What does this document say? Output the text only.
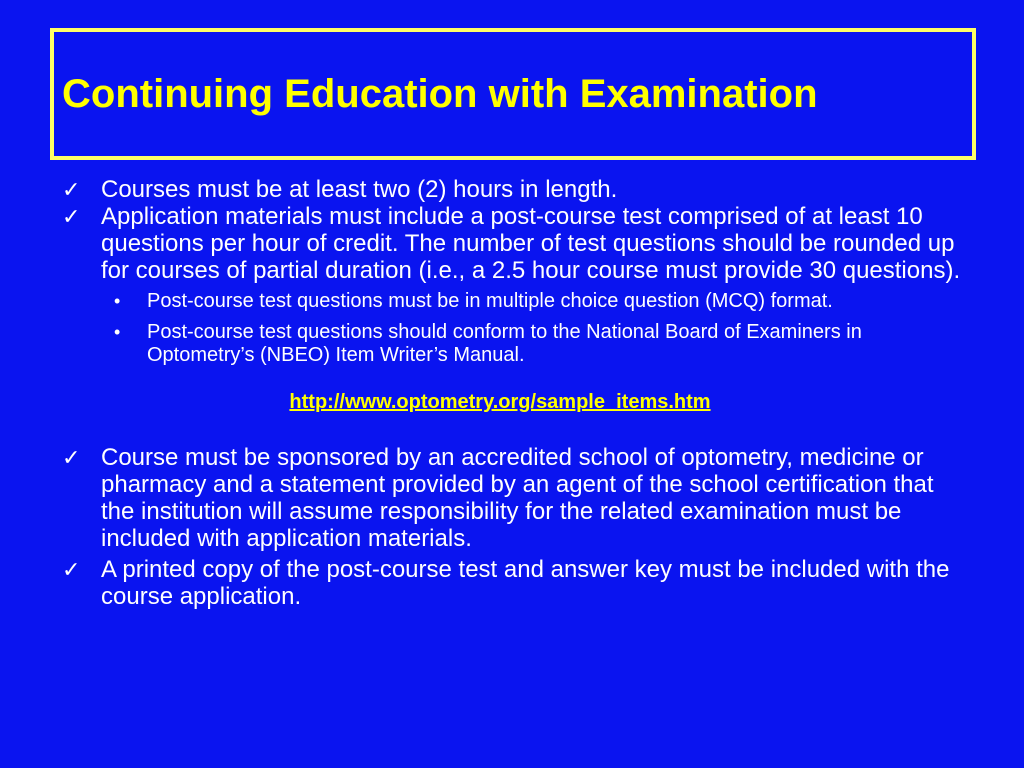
Continuing Education with Examination
✓ Courses must be at least two (2) hours in length.
✓ Application materials must include a post-course test comprised of at least 10 questions per hour of credit. The number of test questions should be rounded up for courses of partial duration (i.e., a 2.5 hour course must provide 30 questions).
• Post-course test questions must be in multiple choice question (MCQ) format.
• Post-course test questions should conform to the National Board of Examiners in Optometry’s (NBEO) Item Writer’s Manual.
http://www.optometry.org/sample_items.htm
✓ Course must be sponsored by an accredited school of optometry, medicine or pharmacy and a statement provided by an agent of the school certification that the institution will assume responsibility for the related examination must be included with application materials.
✓ A printed copy of the post-course test and answer key must be included with the course application.
